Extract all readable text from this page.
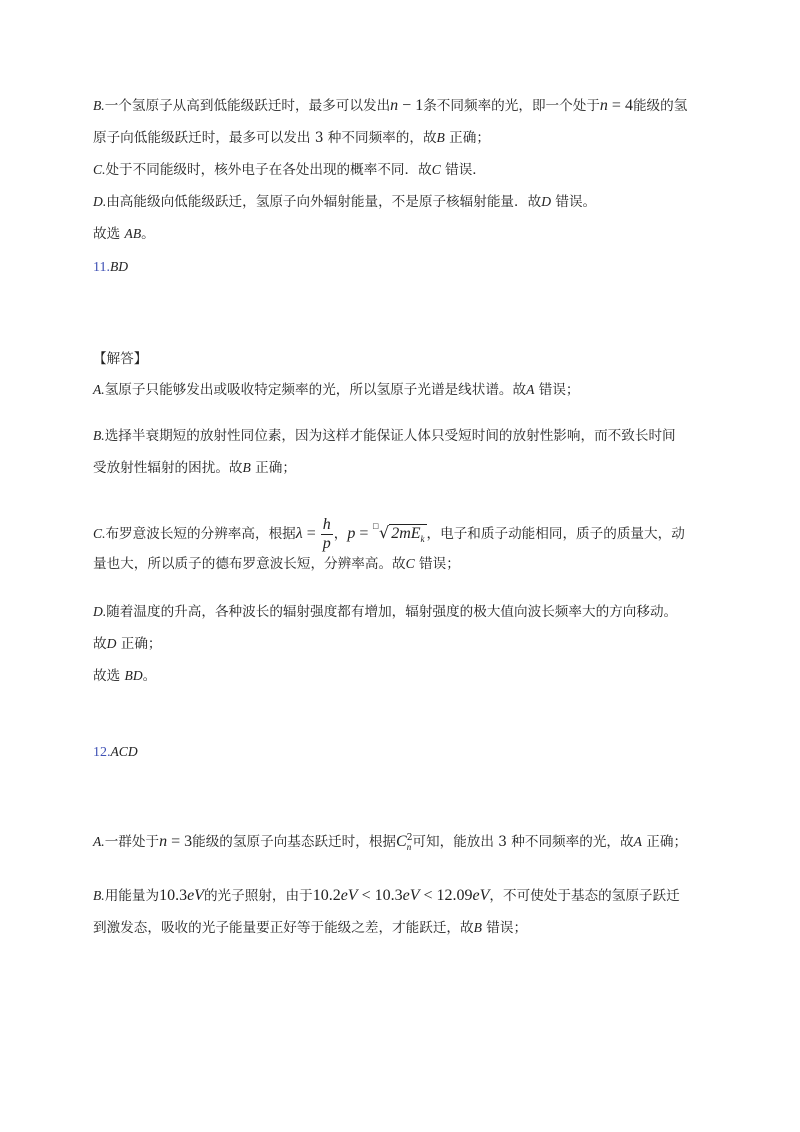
B.一个氢原子从高到低能级跃迁时，最多可以发出n − 1条不同频率的光，即一个处于n = 4能级的氢
原子向低能级跃迁时，最多可以发出 3 种不同频率的，故B 正确；
C.处于不同能级时，核外电子在各处出现的概率不同．故C 错误．
D.由高能级向低能级跃迁，氢原子向外辐射能量，不是原子核辐射能量．故D 错误。
故选 AB。
11.BD
【解答】
A.氢原子只能够发出或吸收特定频率的光，所以氢原子光谱是线状谱。故A 错误；
B.选择半衰期短的放射性同位素，因为这样才能保证人体只受短时间的放射性影响，而不致长时间
受放射性辐射的困扰。故B 正确；
C.布罗意波长短的分辨率高，根据$\lambda = \frac{h}{p}$ ，p = □√ $2mE_k$ ，电子和质子动能相同，质子的质量大，动
量也大，所以质子的德布罗意波长短，分辨率高。故C 错误；
D.随着温度的升高，各种波长的辐射强度都有增加，辐射强度的极大值向波长频率大的方向移动。
故D 正确；
故选 BD。
12.ACD
A.一群处于n = 3能级的氢原子向基态跃迁时，根据C 2
n 可知，能放出 3 种不同频率的光，故A 正确；
B.用能量为10.3eV的光子照射，由于10.2eV < 10.3eV < 12.09eV，不可使处于基态的氢原子跃迁
到激发态，吸收的光子能量要正好等于能级之差，才能跃迁，故B 错误；
